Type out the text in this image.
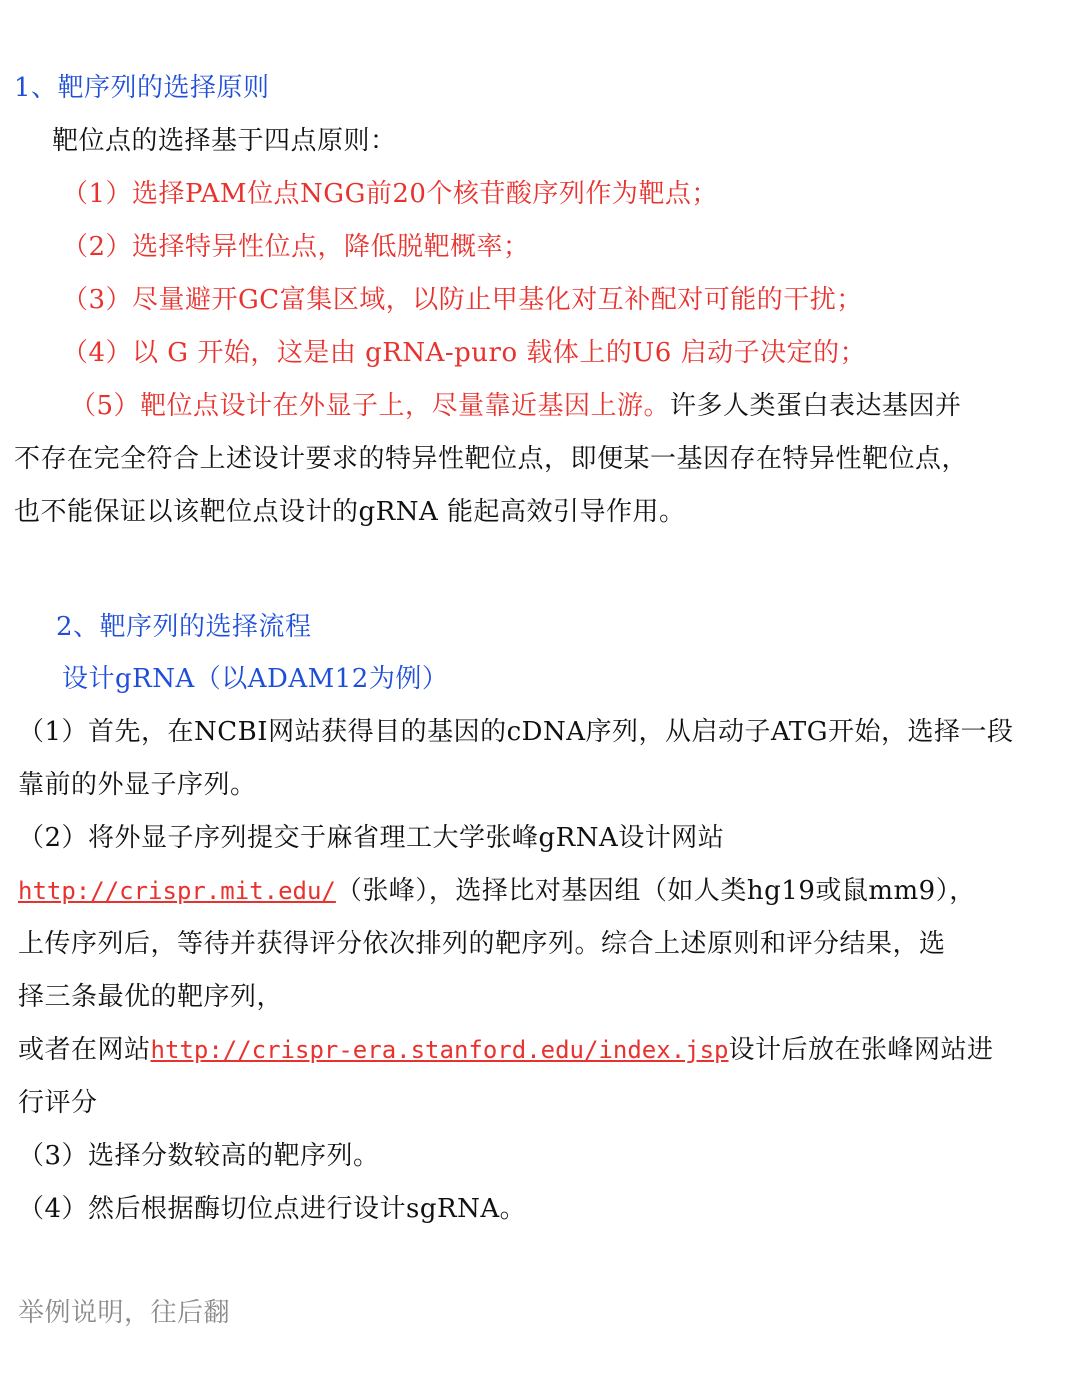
1、靶序列的选择原则
靶位点的选择基于四点原则：
（1）选择PAM位点NGG前20个核苷酸序列作为靶点；
（2）选择特异性位点，降低脱靶概率；
（3）尽量避开GC富集区域，以防止甲基化对互补配对可能的干扰；
（4）以 G 开始，这是由 gRNA-puro 载体上的U6 启动子决定的；
（5）靶位点设计在外显子上，尽量靠近基因上游。许多人类蛋白表达基因并
不存在完全符合上述设计要求的特异性靶位点，即便某一基因存在特异性靶位点，
也不能保证以该靶位点设计的gRNA 能起高效引导作用。
2、靶序列的选择流程
设计gRNA（以ADAM12为例）
（1）首先，在NCBI网站获得目的基因的cDNA序列，从启动子ATG开始，选择一段
靠前的外显子序列。
（2）将外显子序列提交于麻省理工大学张峰gRNA设计网站
http://crispr.mit.edu/（张峰），选择比对基因组（如人类hg19或鼠mm9），
上传序列后，等待并获得评分依次排列的靶序列。综合上述原则和评分结果，选
择三条最优的靶序列，
或者在网站http://crispr-era.stanford.edu/index.jsp设计后放在张峰网站进
行评分
（3）选择分数较高的靶序列。
（4）然后根据酶切位点进行设计sgRNA。
举例说明，往后翻
